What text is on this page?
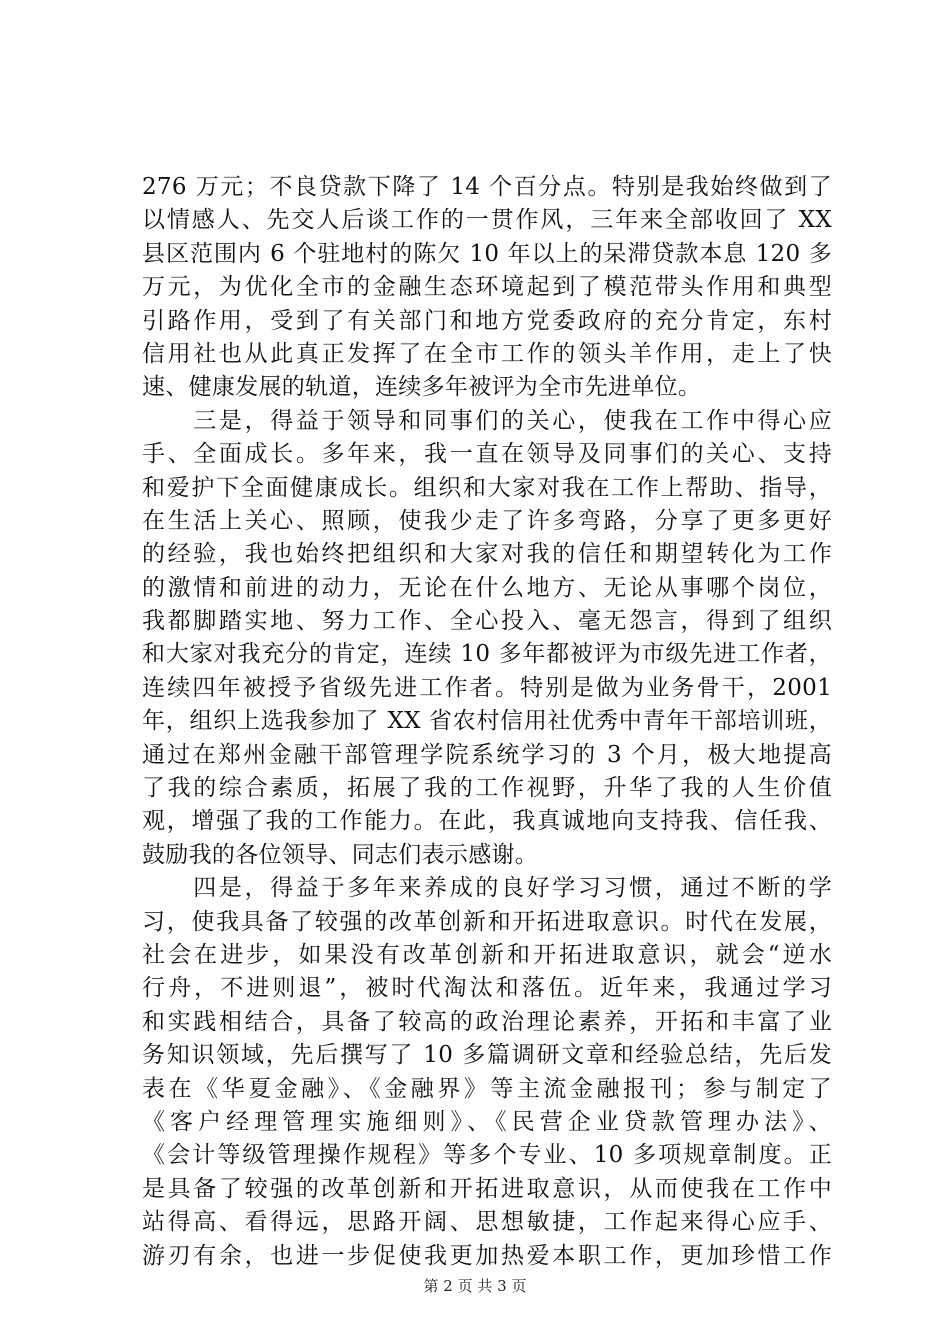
276 万元；不良贷款下降了 14 个百分点。特别是我始终做到了
以情感人、先交人后谈工作的一贯作风，三年来全部收回了 XX
县区范围内 6 个驻地村的陈欠 10 年以上的呆滞贷款本息 120 多
万元，为优化全市的金融生态环境起到了模范带头作用和典型
引路作用，受到了有关部门和地方党委政府的充分肯定，东村
信用社也从此真正发挥了在全市工作的领头羊作用，走上了快
速、健康发展的轨道，连续多年被评为全市先进单位。
　　三是，得益于领导和同事们的关心，使我在工作中得心应
手、全面成长。多年来，我一直在领导及同事们的关心、支持
和爱护下全面健康成长。组织和大家对我在工作上帮助、指导，
在生活上关心、照顾，使我少走了许多弯路，分享了更多更好
的经验，我也始终把组织和大家对我的信任和期望转化为工作
的激情和前进的动力，无论在什么地方、无论从事哪个岗位，
我都脚踏实地、努力工作、全心投入、毫无怨言，得到了组织
和大家对我充分的肯定，连续 10 多年都被评为市级先进工作者，
连续四年被授予省级先进工作者。特别是做为业务骨干，2001
年，组织上选我参加了 XX 省农村信用社优秀中青年干部培训班，
通过在郑州金融干部管理学院系统学习的 3 个月，极大地提高
了我的综合素质，拓展了我的工作视野，升华了我的人生价值
观，增强了我的工作能力。在此，我真诚地向支持我、信任我、
鼓励我的各位领导、同志们表示感谢。
　　四是，得益于多年来养成的良好学习习惯，通过不断的学
习，使我具备了较强的改革创新和开拓进取意识。时代在发展，
社会在进步，如果没有改革创新和开拓进取意识，就会“逆水
行舟，不进则退”，被时代淘汰和落伍。近年来，我通过学习
和实践相结合，具备了较高的政治理论素养，开拓和丰富了业
务知识领域，先后撰写了 10 多篇调研文章和经验总结，先后发
表在《华夏金融》、《金融界》等主流金融报刊；参与制定了
《客户经理管理实施细则》、《民营企业贷款管理办法》、
《会计等级管理操作规程》等多个专业、10 多项规章制度。正
是具备了较强的改革创新和开拓进取意识，从而使我在工作中
站得高、看得远，思路开阔、思想敏捷，工作起来得心应手、
游刃有余，也进一步促使我更加热爱本职工作，更加珍惜工作
第 2 页 共 3 页
